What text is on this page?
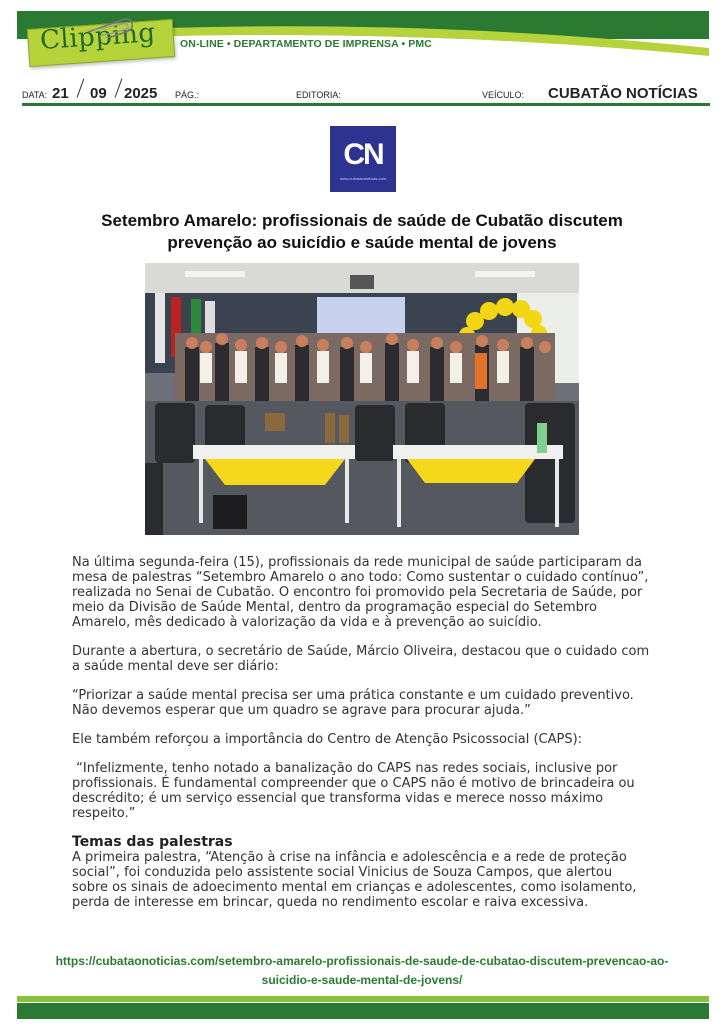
Clipping ON-LINE • DEPARTAMENTO DE IMPRENSA • PMC
DATA: 21 09 2025 PÁG.:	EDITORIA:	VEÍCULO: CUBATÃO NOTÍCIAS
CN
www.cubataonoticias.com
Setembro Amarelo: profissionais de saúde de Cubatão discutem prevenção ao suicídio e saúde mental de jovens

Na última segunda-feira (15), profissionais da rede municipal de saúde participaram da mesa de palestras “Setembro Amarelo o ano todo: Como sustentar o cuidado contínuo”, realizada no Senai de Cubatão. O encontro foi promovido pela Secretaria de Saúde, por meio da Divisão de Saúde Mental, dentro da programação especial do Setembro Amarelo, mês dedicado à valorização da vida e à prevenção ao suicídio.

Durante a abertura, o secretário de Saúde, Márcio Oliveira, destacou que o cuidado com a saúde mental deve ser diário:

“Priorizar a saúde mental precisa ser uma prática constante e um cuidado preventivo. Não devemos esperar que um quadro se agrave para procurar ajuda.”

Ele também reforçou a importância do Centro de Atenção Psicossocial (CAPS):

“Infelizmente, tenho notado a banalização do CAPS nas redes sociais, inclusive por profissionais. É fundamental compreender que o CAPS não é motivo de brincadeira ou descrédito; é um serviço essencial que transforma vidas e merece nosso máximo respeito.”

Temas das palestras

A primeira palestra, “Atenção à crise na infância e adolescência e a rede de proteção social”, foi conduzida pelo assistente social Vinicius de Souza Campos, que alertou sobre os sinais de adoecimento mental em crianças e adolescentes, como isolamento, perda de interesse em brincar, queda no rendimento escolar e raiva excessiva.

https://cubataonoticias.com/setembro-amarelo-profissionais-de-saude-de-cubatao-discutem-prevencao-ao-suicidio-e-saude-mental-de-jovens/
